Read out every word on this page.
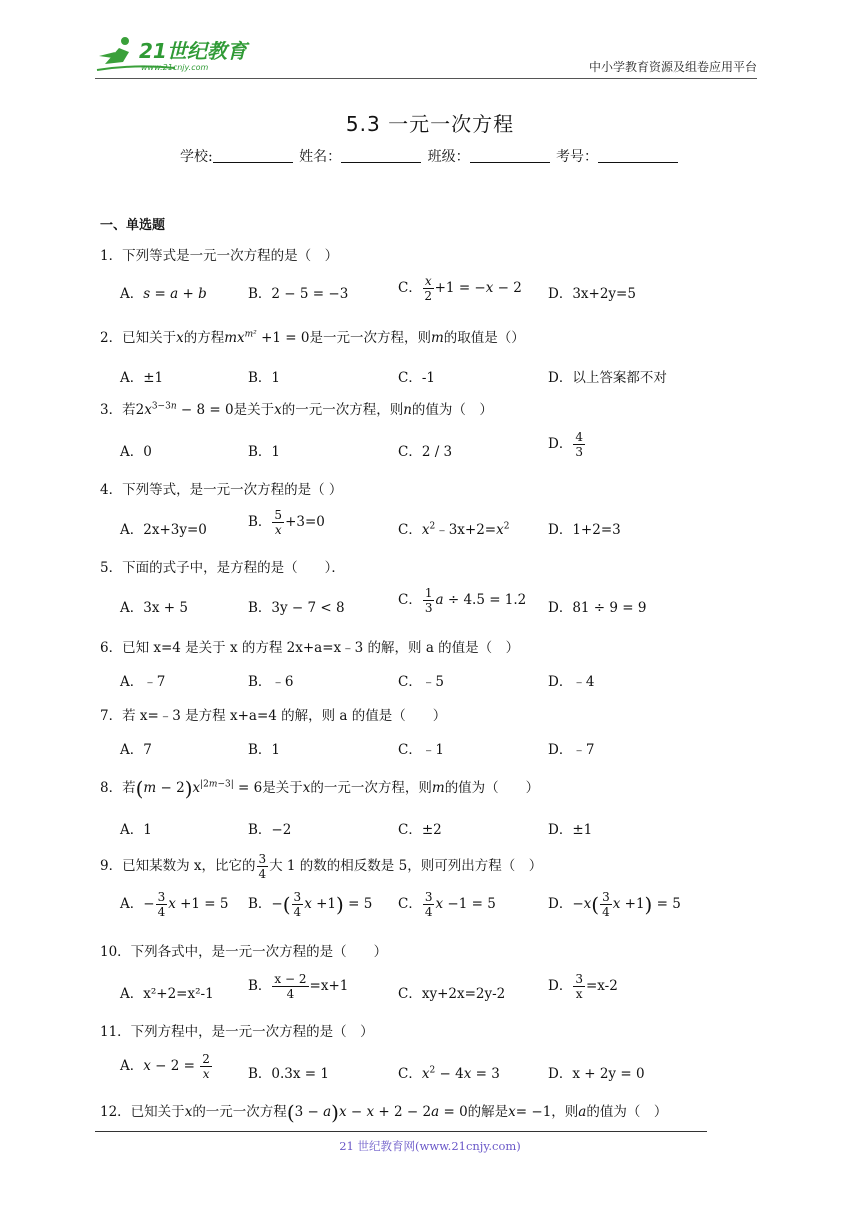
21世纪教育
www.21cnjy.com	中小学教育资源及组卷应用平台
5.3 一元一次方程
学校:	姓名：	班级：	考号：
一、单选题
1．下列等式是一元一次方程的是（　）
A．s = a + b	B．2 − 5 = −3	C． $\frac{x}{2} +1 = -x - 2$ D．3x+2y=5
2．已知关于x的方程$mx^{m^2} +1 = 0$是一元一次方程，则m的取值是（）
A．±1	B．1	C．-1	D．以上答案都不对
3．若$2x^{3-3n} - 8 = 0$是关于x的一元一次方程，则n的值为（　）
A．0	B．1	C．2 / 3	D． $\frac{4}{3}$
4．下列等式，是一元一次方程的是（ ）
A．2x+3y=0	B． $\frac{5}{x} +3=0$	C．$x^2﹣3x+2=x^2$	D．1+2=3
5．下面的式子中，是方程的是（　　）．
A．3x + 5	B．3y − 7 < 8	C． $\frac{1}{3}$ a ÷ 4.5 = 1.2 D．81 ÷ 9 = 9
6．已知 x=4 是关于 x 的方程 2x+a=x﹣3 的解，则 a 的值是（　）
A．﹣7	B．﹣6	C．﹣5	D．﹣4
7．若 x=﹣3 是方程 x+a=4 的解，则 a 的值是（　　）
A．7	B．1	C．﹣1	D．﹣7
8．若$(m - 2)x^{|2m-3|} = 6$是关于x的一元一次方程，则m的值为（　　）
A．1	B．−2	C．±2	D．±1
9．已知某数为 x，比它的 $\frac{3}{4}$ 大 1 的数的相反数是 5，则可列出方程（　）
A．− $\frac{3}{4}$ x +1 = 5 B．−( $\frac{3}{4}$ x +1) = 5 C． $\frac{3}{4}$ x −1 = 5	D．$-x( \frac{3}{4}$ x +1) = 5
10．下列各式中，是一元一次方程的是（　　）
A．x²+2=x²-1	B． $\frac{x - 2}{4} =x+1$	C．xy+2x=2y-2	D． $\frac{3}{x} =x-2$
11．下列方程中，是一元一次方程的是（　）
A．$x - 2 = \frac{2}{x}$	B．0.3x = 1	C．$x^2 - 4x = 3$	D．x + 2y = 0
12．已知关于x的一元一次方程(3 − a)x − x + 2 − 2a = 0的解是x= −1，则a的值为（　）
21 世纪教育网(www.21cnjy.com)
